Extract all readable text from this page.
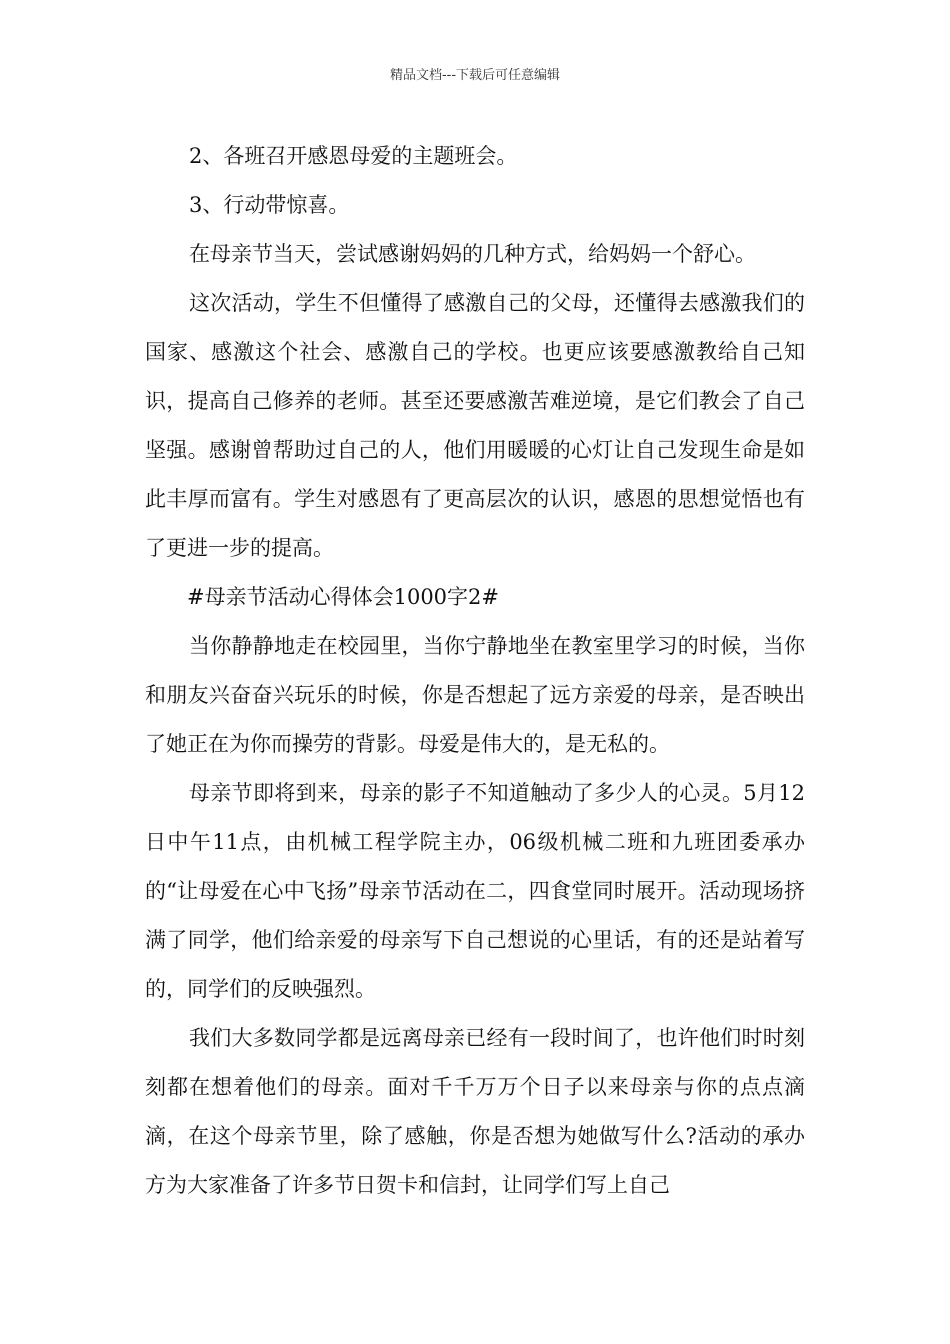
精品文档---下载后可任意编辑

2、各班召开感恩母爱的主题班会。

3、行动带惊喜。

在母亲节当天，尝试感谢妈妈的几种方式，给妈妈一个舒心。

这次活动，学生不但懂得了感激自己的父母，还懂得去感激我们的国家、感激这个社会、感激自己的学校。也更应该要感激教给自己知识，提高自己修养的老师。甚至还要感激苦难逆境，是它们教会了自己坚强。感谢曾帮助过自己的人，他们用暖暖的心灯让自己发现生命是如此丰厚而富有。学生对感恩有了更高层次的认识，感恩的思想觉悟也有了更进一步的提高。

#母亲节活动心得体会1000字2#

当你静静地走在校园里，当你宁静地坐在教室里学习的时候，当你和朋友兴奋奋兴玩乐的时候，你是否想起了远方亲爱的母亲，是否映出了她正在为你而操劳的背影。母爱是伟大的，是无私的。

母亲节即将到来，母亲的影子不知道触动了多少人的心灵。5月12日中午11点，由机械工程学院主办，06级机械二班和九班团委承办的“让母爱在心中飞扬”母亲节活动在二，四食堂同时展开。活动现场挤满了同学，他们给亲爱的母亲写下自己想说的心里话，有的还是站着写的，同学们的反映强烈。

我们大多数同学都是远离母亲已经有一段时间了，也许他们时时刻刻都在想着他们的母亲。面对千千万万个日子以来母亲与你的点点滴滴，在这个母亲节里，除了感触，你是否想为她做写什么?活动的承办方为大家准备了许多节日贺卡和信封，让同学们写上自己
